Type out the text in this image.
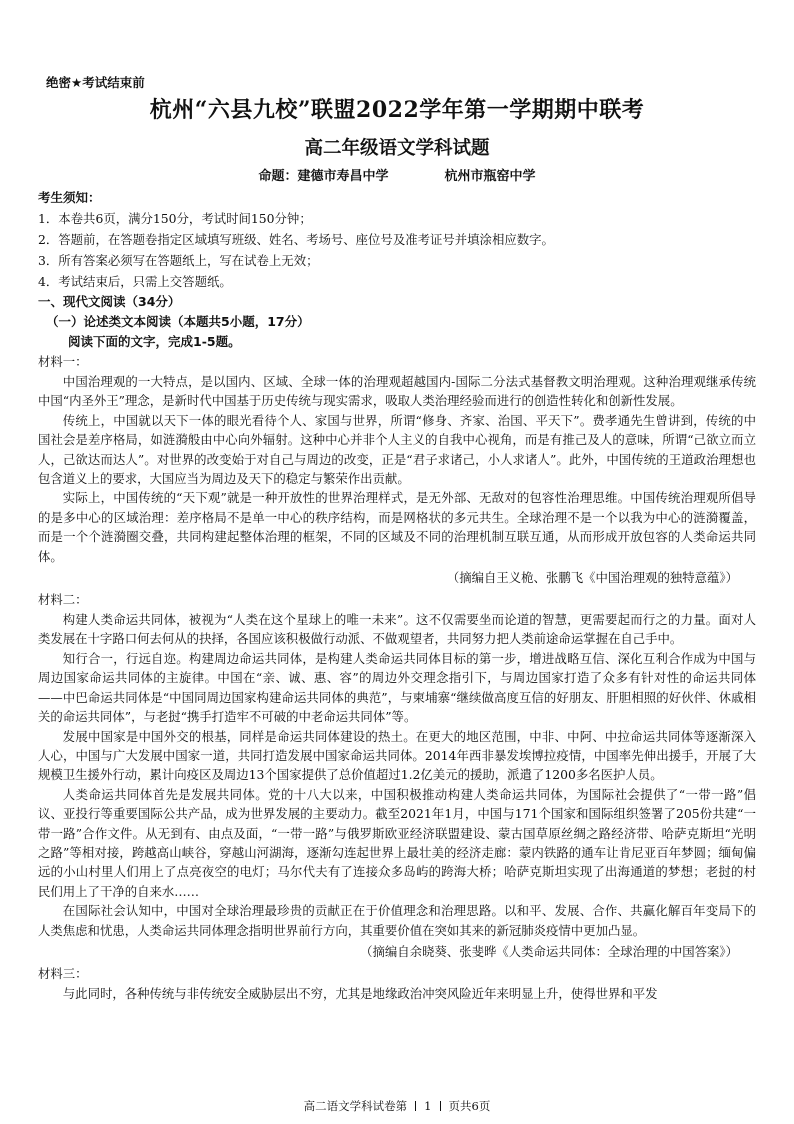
绝密★考试结束前
杭州“六县九校”联盟2022学年第一学期期中联考
高二年级语文学科试题
命题：建德市寿昌中学	杭州市瓶窑中学
考生须知：
1．本卷共6页，满分150分，考试时间150分钟；
2．答题前，在答题卷指定区域填写班级、姓名、考场号、座位号及准考证号并填涂相应数字。
3．所有答案必须写在答题纸上，写在试卷上无效；
4．考试结束后，只需上交答题纸。
一、现代文阅读（34分）
（一）论述类文本阅读（本题共5小题，17分）
阅读下面的文字，完成1-5题。
材料一：

中国治理观的一大特点，是以国内、区域、全球一体的治理观超越国内-国际二分法式基督教文明治理观。这种治理观继承传统中国“内圣外王”理念，是新时代中国基于历史传统与现实需求，吸取人类治理经验而进行的创造性转化和创新性发展。

传统上，中国就以天下一体的眼光看待个人、家国与世界，所谓“修身、齐家、治国、平天下”。费孝通先生曾讲到，传统的中国社会是差序格局，如涟漪般由中心向外辐射。这种中心并非个人主义的自我中心视角，而是有推己及人的意味，所谓“己欲立而立人，己欲达而达人”。对世界的改变始于对自己与周边的改变，正是“君子求诸己，小人求诸人”。此外，中国传统的王道政治理想也包含道义上的要求，大国应当为周边及天下的稳定与繁荣作出贡献。

实际上，中国传统的“天下观”就是一种开放性的世界治理样式，是无外部、无敌对的包容性治理思维。中国传统治理观所倡导的是多中心的区域治理：差序格局不是单一中心的秩序结构，而是网格状的多元共生。全球治理不是一个以我为中心的涟漪覆盖，而是一个个涟漪圈交叠，共同构建起整体治理的框架，不同的区域及不同的治理机制互联互通，从而形成开放包容的人类命运共同体。

（摘编自王义桅、张鹏飞《中国治理观的独特意蕴》）
材料二：

构建人类命运共同体，被视为“人类在这个星球上的唯一未来”。这不仅需要坐而论道的智慧，更需要起而行之的力量。面对人类发展在十字路口何去何从的抉择，各国应该积极做行动派、不做观望者，共同努力把人类前途命运掌握在自己手中。

知行合一，行远自迩。构建周边命运共同体，是构建人类命运共同体目标的第一步，增进战略互信、深化互利合作成为中国与周边国家命运共同体的主旋律。中国在“亲、诚、惠、容”的周边外交理念指引下，与周边国家打造了众多有针对性的命运共同体——中巴命运共同体是“中国同周边国家构建命运共同体的典范”，与柬埔寨“继续做高度互信的好朋友、肝胆相照的好伙伴、休戚相关的命运共同体”，与老挝“携手打造牢不可破的中老命运共同体”等。

发展中国家是中国外交的根基，同样是命运共同体建设的热土。在更大的地区范围，中非、中阿、中拉命运共同体等逐渐深入人心，中国与广大发展中国家一道，共同打造发展中国家命运共同体。2014年西非暴发埃博拉疫情，中国率先伸出援手，开展了大规模卫生援外行动，累计向疫区及周边13个国家提供了总价值超过1.2亿美元的援助，派遣了1200多名医护人员。

人类命运共同体首先是发展共同体。党的十八大以来，中国积极推动构建人类命运共同体，为国际社会提供了“一带一路”倡议、亚投行等重要国际公共产品，成为世界发展的主要动力。截至2021年1月，中国与171个国家和国际组织签署了205份共建“一带一路”合作文件。从无到有、由点及面，“一带一路”与俄罗斯欧亚经济联盟建设、蒙古国草原丝绸之路经济带、哈萨克斯坦“光明之路”等相对接，跨越高山峡谷，穿越山河湖海，逐渐勾连起世界上最壮美的经济走廊：蒙内铁路的通车让肯尼亚百年梦圆；缅甸偏远的小山村里人们用上了点亮夜空的电灯；马尔代夫有了连接众多岛屿的跨海大桥；哈萨克斯坦实现了出海通道的梦想；老挝的村民们用上了干净的自来水……

在国际社会认知中，中国对全球治理最珍贵的贡献正在于价值理念和治理思路。以和平、发展、合作、共赢化解百年变局下的人类焦虑和忧患，人类命运共同体理念指明世界前行方向，其重要价值在突如其来的新冠肺炎疫情中更加凸显。

（摘编自余晓葵、张斐晔《人类命运共同体：全球治理的中国答案》）
材料三：

与此同时，各种传统与非传统安全威胁层出不穷，尤其是地缘政治冲突风险近年来明显上升，使得世界和平发

高二语文学科试卷第 1 页共6页
